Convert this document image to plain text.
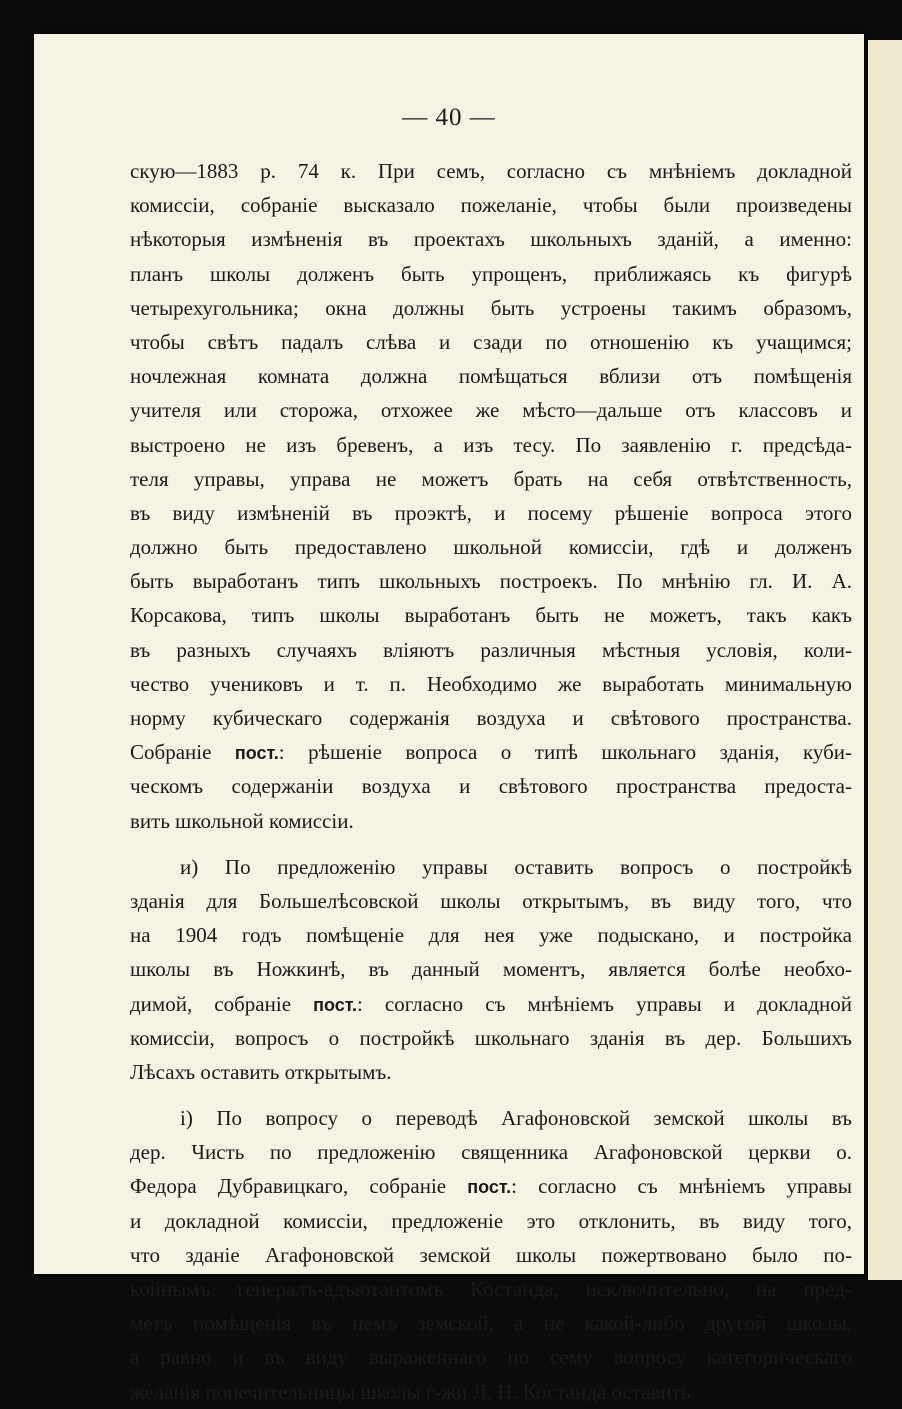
— 40 —
скую—1883 р. 74 к. При семъ, согласно съ мнѣніемъ докладной
комиссіи, собраніе высказало пожеланіе, чтобы были произведены
нѣкоторыя измѣненія въ проектахъ школьныхъ зданій, а именно:
планъ школы долженъ быть упрощенъ, приближаясь къ фигурѣ
четырехугольника; окна должны быть устроены такимъ образомъ,
чтобы свѣтъ падалъ слѣва и сзади по отношенію къ учащимся;
ночлежная комната должна помѣщаться вблизи отъ помѣщенія
учителя или сторожа, отхожее же мѣсто—дальше отъ классовъ и
выстроено не изъ бревенъ, а изъ тесу. По заявленію г. предсѣда-
теля управы, управа не можетъ брать на себя отвѣтственность,
въ виду измѣненій въ проэктѣ, и посему рѣшеніе вопроса этого
должно быть предоставлено школьной комиссіи, гдѣ и долженъ
быть выработанъ типъ школьныхъ построекъ. По мнѣнію гл. И. А.
Корсакова, типъ школы выработанъ быть не можетъ, такъ какъ
въ разныхъ случаяхъ вліяютъ различныя мѣстныя условія, коли-
чество учениковъ и т. п. Необходимо же выработать минимальную
норму кубическаго содержанія воздуха и свѣтового пространства.
Собраніе пост.: рѣшеніе вопроса о типѣ школьнаго зданія, куби-
ческомъ содержаніи воздуха и свѣтового пространства предоста-
вить школьной комиссіи.
и) По предложенію управы оставить вопросъ о постройкѣ
зданія для Большелѣсовской школы открытымъ, въ виду того, что
на 1904 годъ помѣщеніе для нея уже подыскано, и постройка
школы въ Ножкинѣ, въ данный моментъ, является болѣе необхо-
димой, собраніе пост.: согласно съ мнѣніемъ управы и докладной
комиссіи, вопросъ о постройкѣ школьнаго зданія въ дер. Большихъ
Лѣсахъ оставить открытымъ.
і) По вопросу о переводѣ Агафоновской земской школы въ
дер. Чисть по предложенію священника Агафоновской церкви о.
Федора Дубравицкаго, собраніе пост.: согласно съ мнѣніемъ управы
и докладной комиссіи, предложеніе это отклонить, въ виду того,
что зданіе Агафоновской земской школы пожертвовано было по-
койнымъ генералъ-адъютантомъ Костанда, исключительно, на пред-
метъ помѣщенія въ немъ земской, а не какой-либо другой школы,
а равно и въ виду выраженнаго по сему вопросу категорическаго
желанія попечительницы школы г-жи Л. Н. Костанда оставить
